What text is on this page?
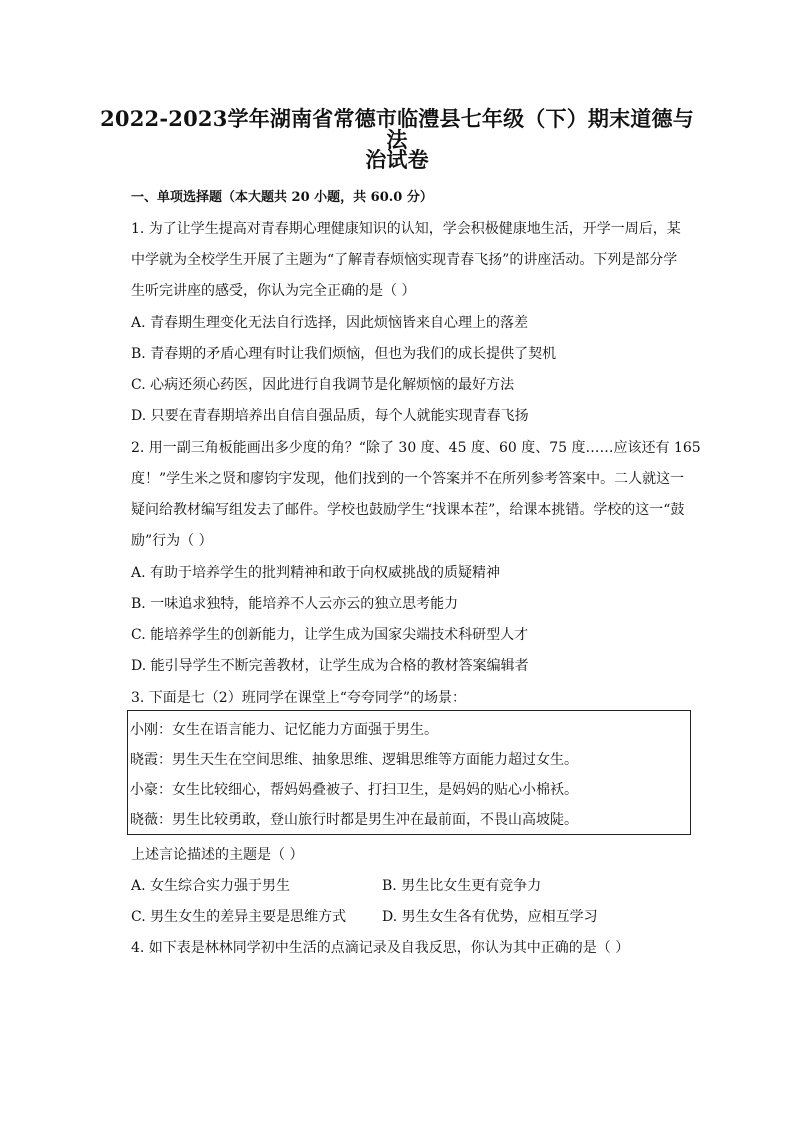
2022-2023学年湖南省常德市临澧县七年级（下）期末道德与法
治试卷
一、单项选择题（本大题共 20 小题，共 60.0 分）
1. 为了让学生提高对青春期心理健康知识的认知，学会积极健康地生活，开学一周后，某
中学就为全校学生开展了主题为“了解青春烦恼实现青春飞扬”的讲座活动。下列是部分学
生听完讲座的感受，你认为完全正确的是（ ）
A. 青春期生理变化无法自行选择，因此烦恼皆来自心理上的落差
B. 青春期的矛盾心理有时让我们烦恼，但也为我们的成长提供了契机
C. 心病还须心药医，因此进行自我调节是化解烦恼的最好方法
D. 只要在青春期培养出自信自强品质，每个人就能实现青春飞扬
2. 用一副三角板能画出多少度的角？“除了 30 度、45 度、60 度、75 度……应该还有 165
度！”学生米之贤和廖钧宇发现，他们找到的一个答案并不在所列参考答案中。二人就这一
疑问给教材编写组发去了邮件。学校也鼓励学生“找课本茬”，给课本挑错。学校的这一“鼓
励”行为（ ）
A. 有助于培养学生的批判精神和敢于向权威挑战的质疑精神
B. 一味追求独特，能培养不人云亦云的独立思考能力
C. 能培养学生的创新能力，让学生成为国家尖端技术科研型人才
D. 能引导学生不断完善教材，让学生成为合格的教材答案编辑者
3. 下面是七（2）班同学在课堂上“夸夸同学”的场景：
小刚：女生在语言能力、记忆能力方面强于男生。
晓霞：男生天生在空间思维、抽象思维、逻辑思维等方面能力超过女生。
小豪：女生比较细心，帮妈妈叠被子、打扫卫生，是妈妈的贴心小棉袄。
晓薇：男生比较勇敢，登山旅行时都是男生冲在最前面，不畏山高坡陡。
上述言论描述的主题是（ ）
A. 女生综合实力强于男生	B. 男生比女生更有竞争力
C. 男生女生的差异主要是思维方式	D. 男生女生各有优势，应相互学习
4. 如下表是林林同学初中生活的点滴记录及自我反思，你认为其中正确的是（ ）
